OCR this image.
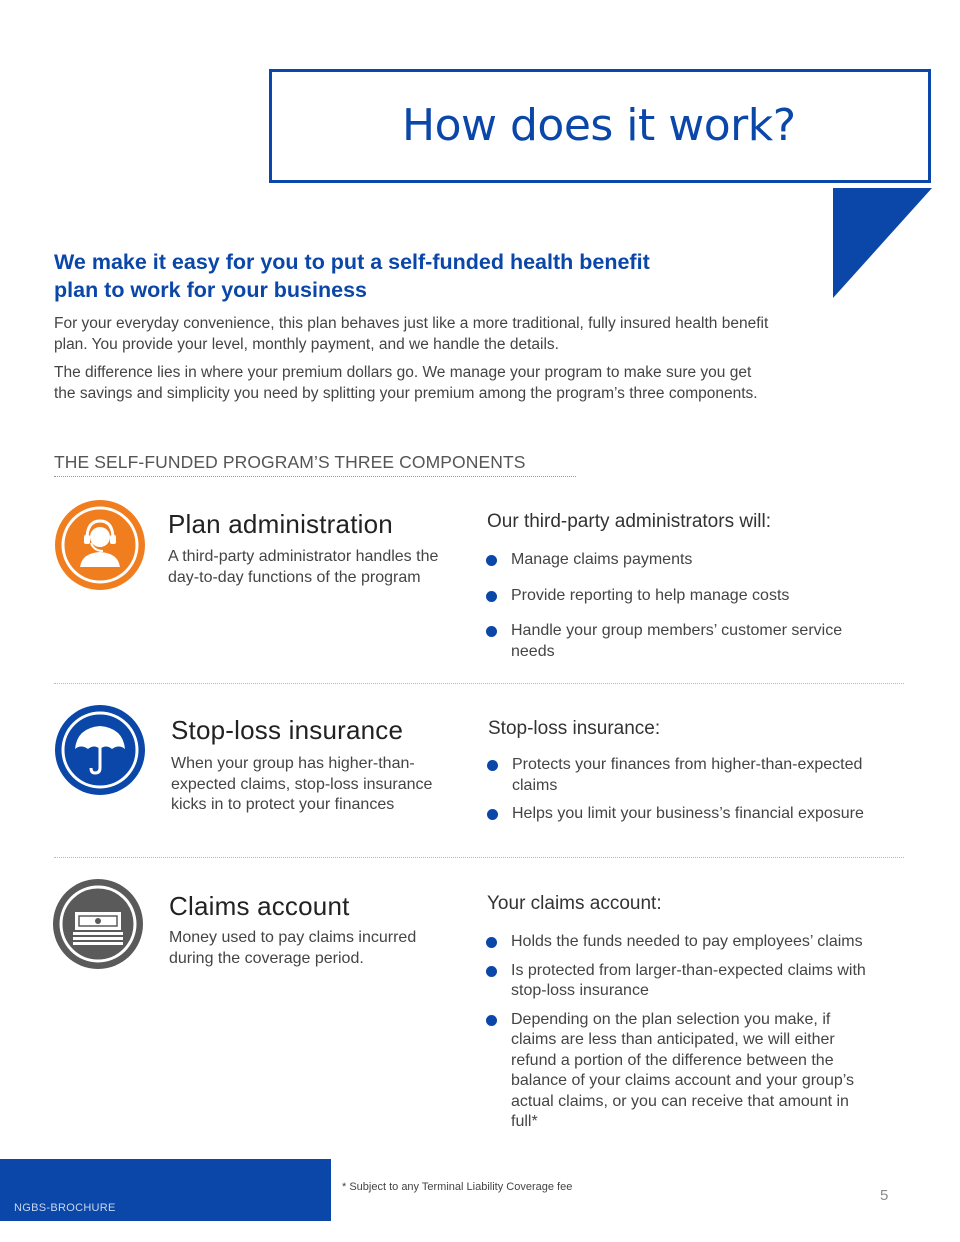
How does it work?
We make it easy for you to put a self-funded health benefit plan to work for your business

For your everyday convenience, this plan behaves just like a more traditional, fully insured health benefit plan. You provide your level, monthly payment, and we handle the details.

The difference lies in where your premium dollars go. We manage your program to make sure you get the savings and simplicity you need by splitting your premium among the program’s three components.

THE SELF-FUNDED PROGRAM’S THREE COMPONENTS
Plan administration

A third-party administrator handles the day-to-day functions of the program

Our third-party administrators will:
Manage claims payments
Provide reporting to help manage costs
Handle your group members’ customer service needs
Stop-loss insurance

When your group has higher-than-expected claims, stop-loss insurance kicks in to protect your finances

Stop-loss insurance:
Protects your finances from higher-than-expected claims
Helps you limit your business’s financial exposure
Claims account

Money used to pay claims incurred during the coverage period.

Your claims account:
Holds the funds needed to pay employees’ claims
Is protected from larger-than-expected claims with stop-loss insurance
Depending on the plan selection you make, if claims are less than anticipated, we will either refund a portion of the difference between the balance of your claims account and your group’s actual claims, or you can receive that amount in full*
NGBS-BROCHURE
* Subject to any Terminal Liability Coverage fee	5
